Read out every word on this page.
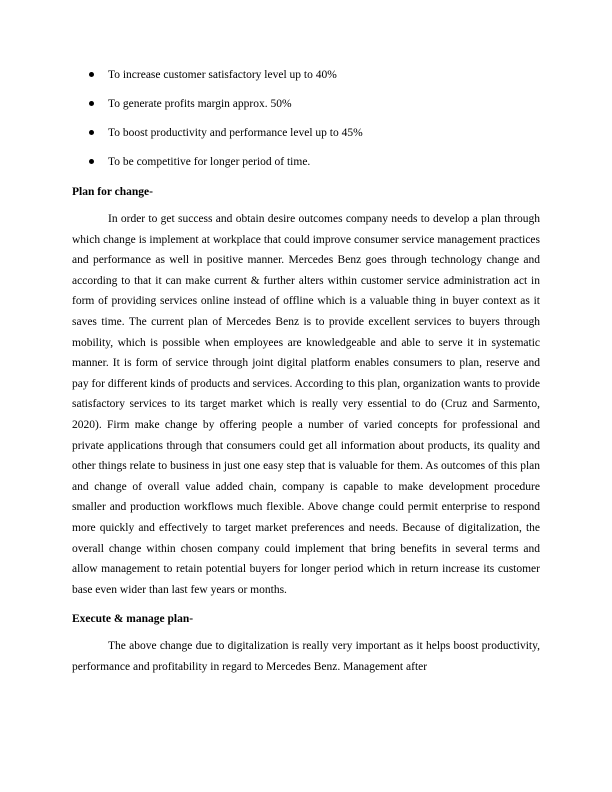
To increase customer satisfactory level up to 40%
To generate profits margin approx. 50%
To boost productivity and performance level up to 45%
To be competitive for longer period of time.
Plan for change-

In order to get success and obtain desire outcomes company needs to develop a plan through which change is implement at workplace that could improve consumer service management practices and performance as well in positive manner. Mercedes Benz goes through technology change and according to that it can make current & further alters within customer service administration act in form of providing services online instead of offline which is a valuable thing in buyer context as it saves time. The current plan of Mercedes Benz is to provide excellent services to buyers through mobility, which is possible when employees are knowledgeable and able to serve it in systematic manner. It is form of service through joint digital platform enables consumers to plan, reserve and pay for different kinds of products and services. According to this plan, organization wants to provide satisfactory services to its target market which is really very essential to do (Cruz and Sarmento, 2020). Firm make change by offering people a number of varied concepts for professional and private applications through that consumers could get all information about products, its quality and other things relate to business in just one easy step that is valuable for them. As outcomes of this plan and change of overall value added chain, company is capable to make development procedure smaller and production workflows much flexible. Above change could permit enterprise to respond more quickly and effectively to target market preferences and needs. Because of digitalization, the overall change within chosen company could implement that bring benefits in several terms and allow management to retain potential buyers for longer period which in return increase its customer base even wider than last few years or months.

Execute & manage plan-

The above change due to digitalization is really very important as it helps boost productivity, performance and profitability in regard to Mercedes Benz. Management after
